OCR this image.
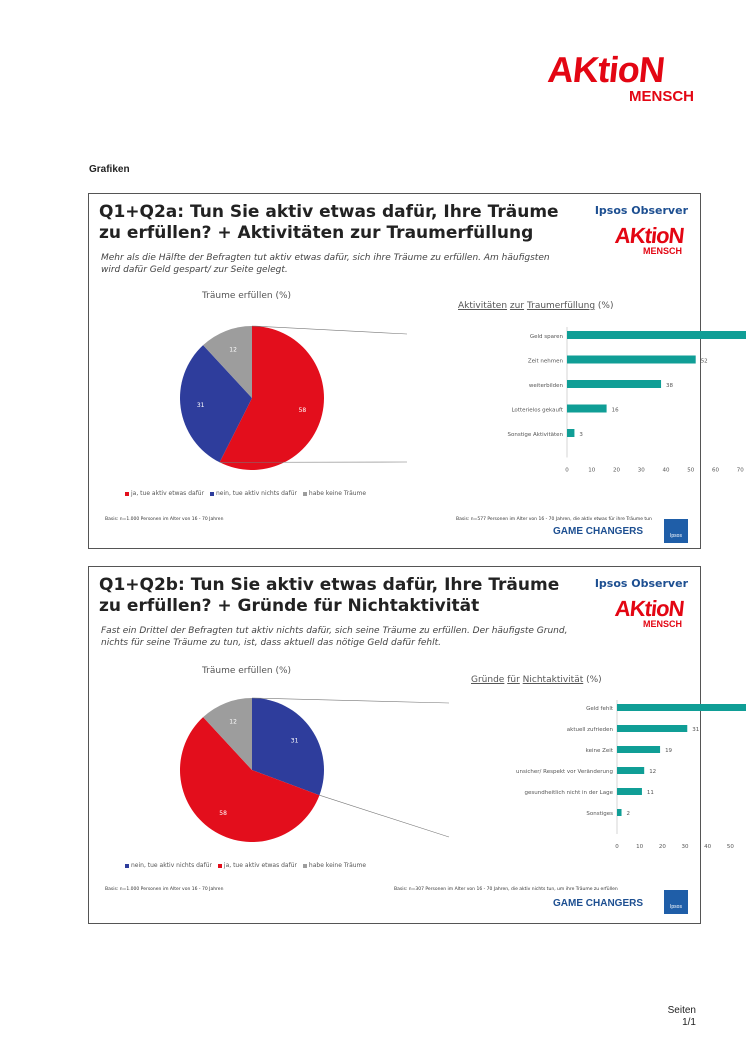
AKtioN
MENSCH
Grafiken
Q1+Q2a: Tun Sie aktiv etwas dafür, Ihre Träume zu erfüllen? + Aktivitäten zur Traumerfüllung
Mehr als die Hälfte der Befragten tut aktiv etwas dafür, sich ihre Träume zu erfüllen. Am häufigsten wird dafür Geld gespart/ zur Seite gelegt.
Ipsos Observer
AKtioN
MENSCH
Träume erfüllen (%)
Aktivitäten zur Traumerfüllung (%)
58
31
12
Geld sparen
Zeit nehmen	52
weiterbilden	38
Lotterielos gekauft	16
Sonstige Aktivitäten	3
0	10	20	30	40	50	60	70
ja, tue aktiv etwas dafür nein, tue aktiv nichts dafür habe keine Träume
Basis: n=1.000 Personen im Alter von 16 - 70 Jahren	Basis: n=577 Personen im Alter von 16 - 70 Jahren, die aktiv etwas für ihre Träume tun
GAME CHANGERS	Ipsos
Q1+Q2b: Tun Sie aktiv etwas dafür, Ihre Träume zu erfüllen? + Gründe für Nichtaktivität
Fast ein Drittel der Befragten tut aktiv nichts dafür, sich seine Träume zu erfüllen. Der häufigste Grund, nichts für seine Träume zu tun, ist, dass aktuell das nötige Geld dafür fehlt.
Ipsos Observer
AKtioN
MENSCH
Träume erfüllen (%)
Gründe für Nichtaktivität (%)
31
58
12
Geld fehlt
aktuell zufrieden	31
keine Zeit	19
unsicher/ Respekt vor Veränderung	12
gesundheitlich nicht in der Lage	11
Sonstiges 2
0	10	20	30	40	50
nein, tue aktiv nichts dafür ja, tue aktiv etwas dafür habe keine Träume
Basis: n=1.000 Personen im Alter von 16 - 70 Jahren	Basis: n=307 Personen im Alter von 16 - 70 Jahren, die aktiv nichts tun, um ihre Träume zu erfüllen
GAME CHANGERS	Ipsos
Seiten
1/1
